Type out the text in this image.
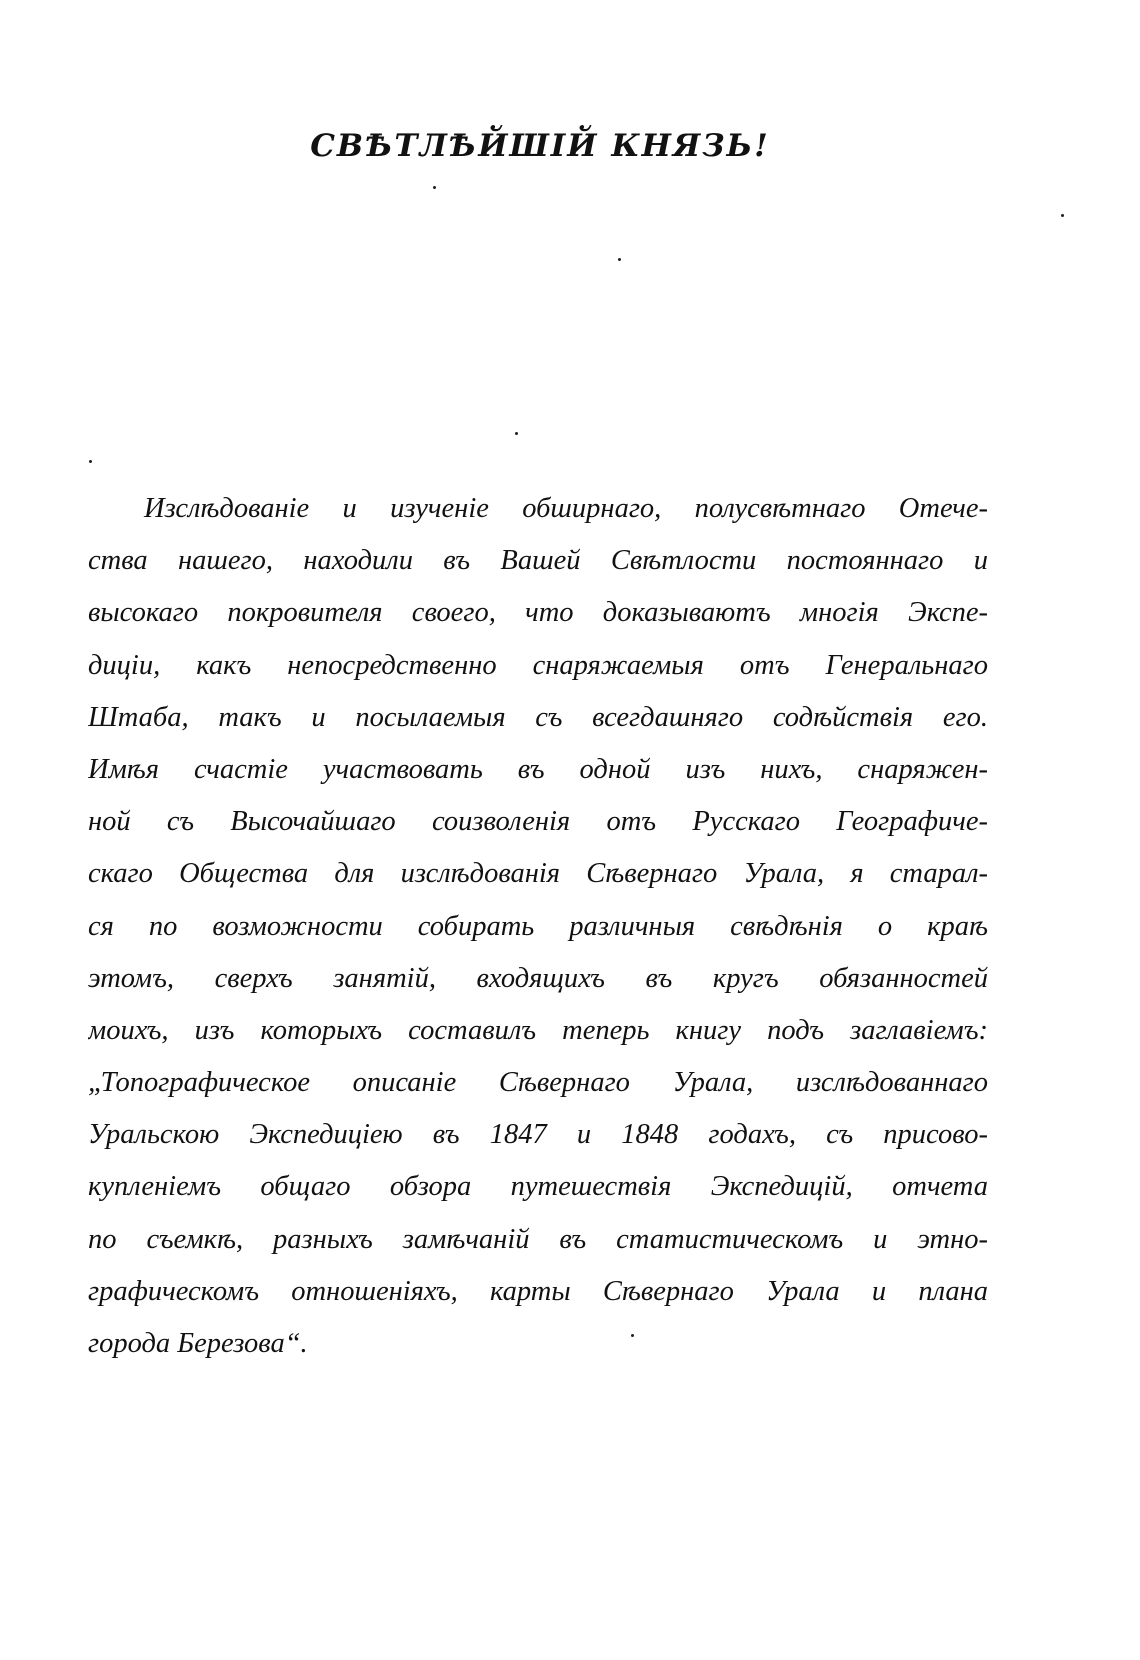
СВѢТЛѢЙШІЙ КНЯЗЬ!
Изслѣдованіе и изученіе обширнаго, полусвѣтнаго Отече-
ства нашего, находили въ Вашей Свѣтлости постояннаго и
высокаго покровителя своего, что доказываютъ многія Экспе-
диціи, какъ непосредственно снаряжаемыя отъ Генеральнаго
Штаба, такъ и посылаемыя съ всегдашняго содѣйствія его.
Имѣя счастіе участвовать въ одной изъ нихъ, снаряжен-
ной съ Высочайшаго соизволенія отъ Русскаго Географиче-
скаго Общества для изслѣдованія Сѣвернаго Урала, я старал-
ся по возможности собирать различныя свѣдѣнія о краѣ
этомъ, сверхъ занятій, входящихъ въ кругъ обязанностей
моихъ, изъ которыхъ составилъ теперь книгу подъ заглавіемъ:
„Топографическое описаніе Сѣвернаго Урала, изслѣдованнаго
Уральскою Экспедиціею въ 1847 и 1848 годахъ, съ присово-
купленіемъ общаго обзора путешествія Экспедицій, отчета
по съемкѣ, разныхъ замѣчаній въ статистическомъ и этно-
графическомъ отношеніяхъ, карты Сѣвернаго Урала и плана
города Березова“.
